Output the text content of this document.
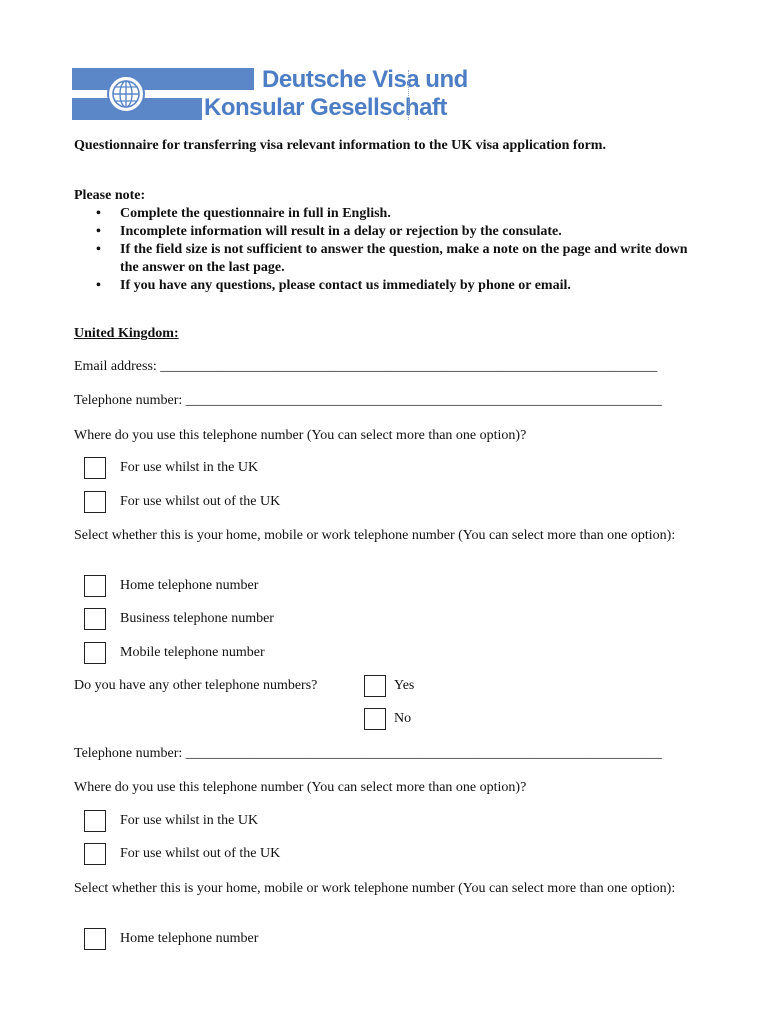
Deutsche Visa und
Konsular Gesellschaft
Questionnaire for transferring visa relevant information to the UK visa application form.
Please note:
• Complete the questionnaire in full in English.
• Incomplete information will result in a delay or rejection by the consulate.
• If the field size is not sufficient to answer the question, make a note on the page and write down the answer on the last page.
• If you have any questions, please contact us immediately by phone or email.
United Kingdom:
Email address: _______________________________________________________________________
Telephone number: ____________________________________________________________________
Where do you use this telephone number (You can select more than one option)?
For use whilst in the UK
For use whilst out of the UK
Select whether this is your home, mobile or work telephone number (You can select more than one option):
Home telephone number
Business telephone number
Mobile telephone number
Do you have any other telephone numbers?	Yes
No
Telephone number: ____________________________________________________________________
Where do you use this telephone number (You can select more than one option)?
For use whilst in the UK
For use whilst out of the UK
Select whether this is your home, mobile or work telephone number (You can select more than one option):
Home telephone number
